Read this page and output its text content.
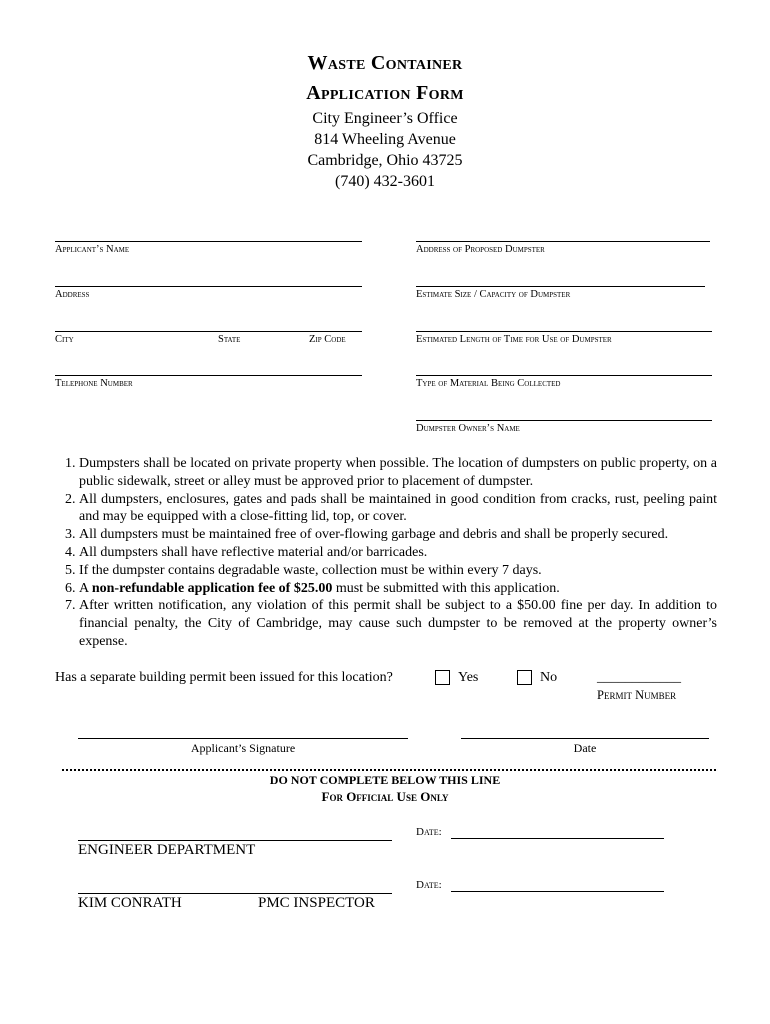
Waste Container
Application Form
City Engineer’s Office
814 Wheeling Avenue
Cambridge, Ohio 43725
(740) 432-3601
Applicant’s Name
Address
City	State	Zip Code
Telephone Number
Address of Proposed Dumpster
Estimate Size / Capacity of Dumpster
Estimated Length of Time for Use of Dumpster
Type of Material Being Collected
Dumpster Owner’s Name
1. Dumpsters shall be located on private property when possible. The location of dumpsters on public property, on a public sidewalk, street or alley must be approved prior to placement of dumpster.
2. All dumpsters, enclosures, gates and pads shall be maintained in good condition from cracks, rust, peeling paint and may be equipped with a close-fitting lid, top, or cover.
3. All dumpsters must be maintained free of over-flowing garbage and debris and shall be properly secured.
4. All dumpsters shall have reflective material and/or barricades.
5. If the dumpster contains degradable waste, collection must be within every 7 days.
6. A non-refundable application fee of $25.00 must be submitted with this application.
7. After written notification, any violation of this permit shall be subject to a $50.00 fine per day. In addition to financial penalty, the City of Cambridge, may cause such dumpster to be removed at the property owner’s expense.
Has a separate building permit been issued for this location?	Yes	No	____________
Permit Number
Applicant’s Signature	Date
DO NOT COMPLETE BELOW THIS LINE
For Official Use Only
ENGINEER DEPARTMENT
Date:
KIM CONRATH	PMC INSPECTOR
Date:
